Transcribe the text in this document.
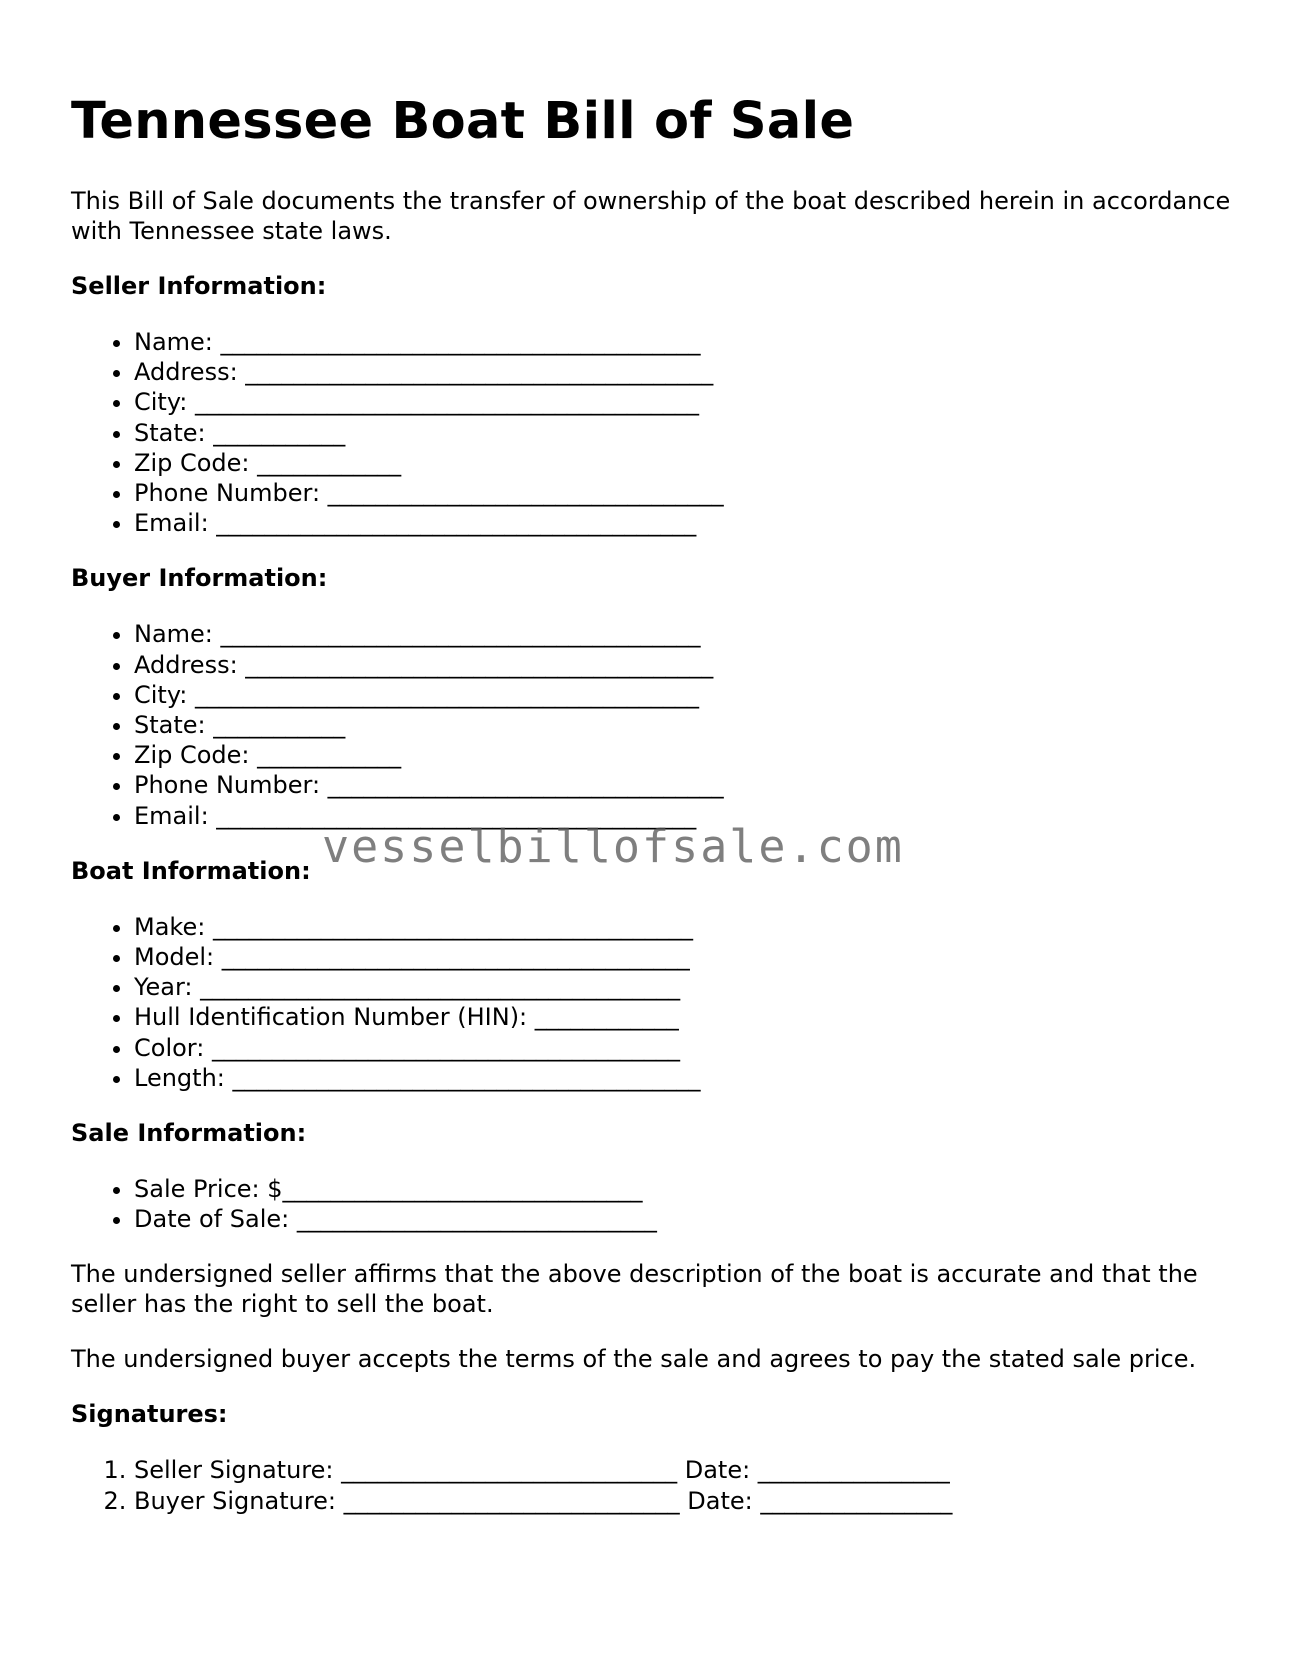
Tennessee Boat Bill of Sale

This Bill of Sale documents the transfer of ownership of the boat described herein in accordance with Tennessee state laws.

Seller Information:
• Name: ________________________________________
• Address: _______________________________________
• City: __________________________________________
• State: ___________
• Zip Code: ____________
• Phone Number: _________________________________
• Email: ________________________________________
Buyer Information:
• Name: ________________________________________
• Address: _______________________________________
• City: __________________________________________
• State: ___________
• Zip Code: ____________
• Phone Number: _________________________________
• Email: ________________________________________
Boat Information:
• Make: ________________________________________
• Model: _______________________________________
• Year: ________________________________________
• Hull Identification Number (HIN): ____________
• Color: _______________________________________
• Length: _______________________________________
Sale Information:
• Sale Price: $______________________________
• Date of Sale: ______________________________

The undersigned seller affirms that the above description of the boat is accurate and that the seller has the right to sell the boat.

The undersigned buyer accepts the terms of the sale and agrees to pay the stated sale price.

Signatures:
1. Seller Signature: ____________________________ Date: ________________
2. Buyer Signature: ____________________________ Date: ________________
vesselbillofsale.com
